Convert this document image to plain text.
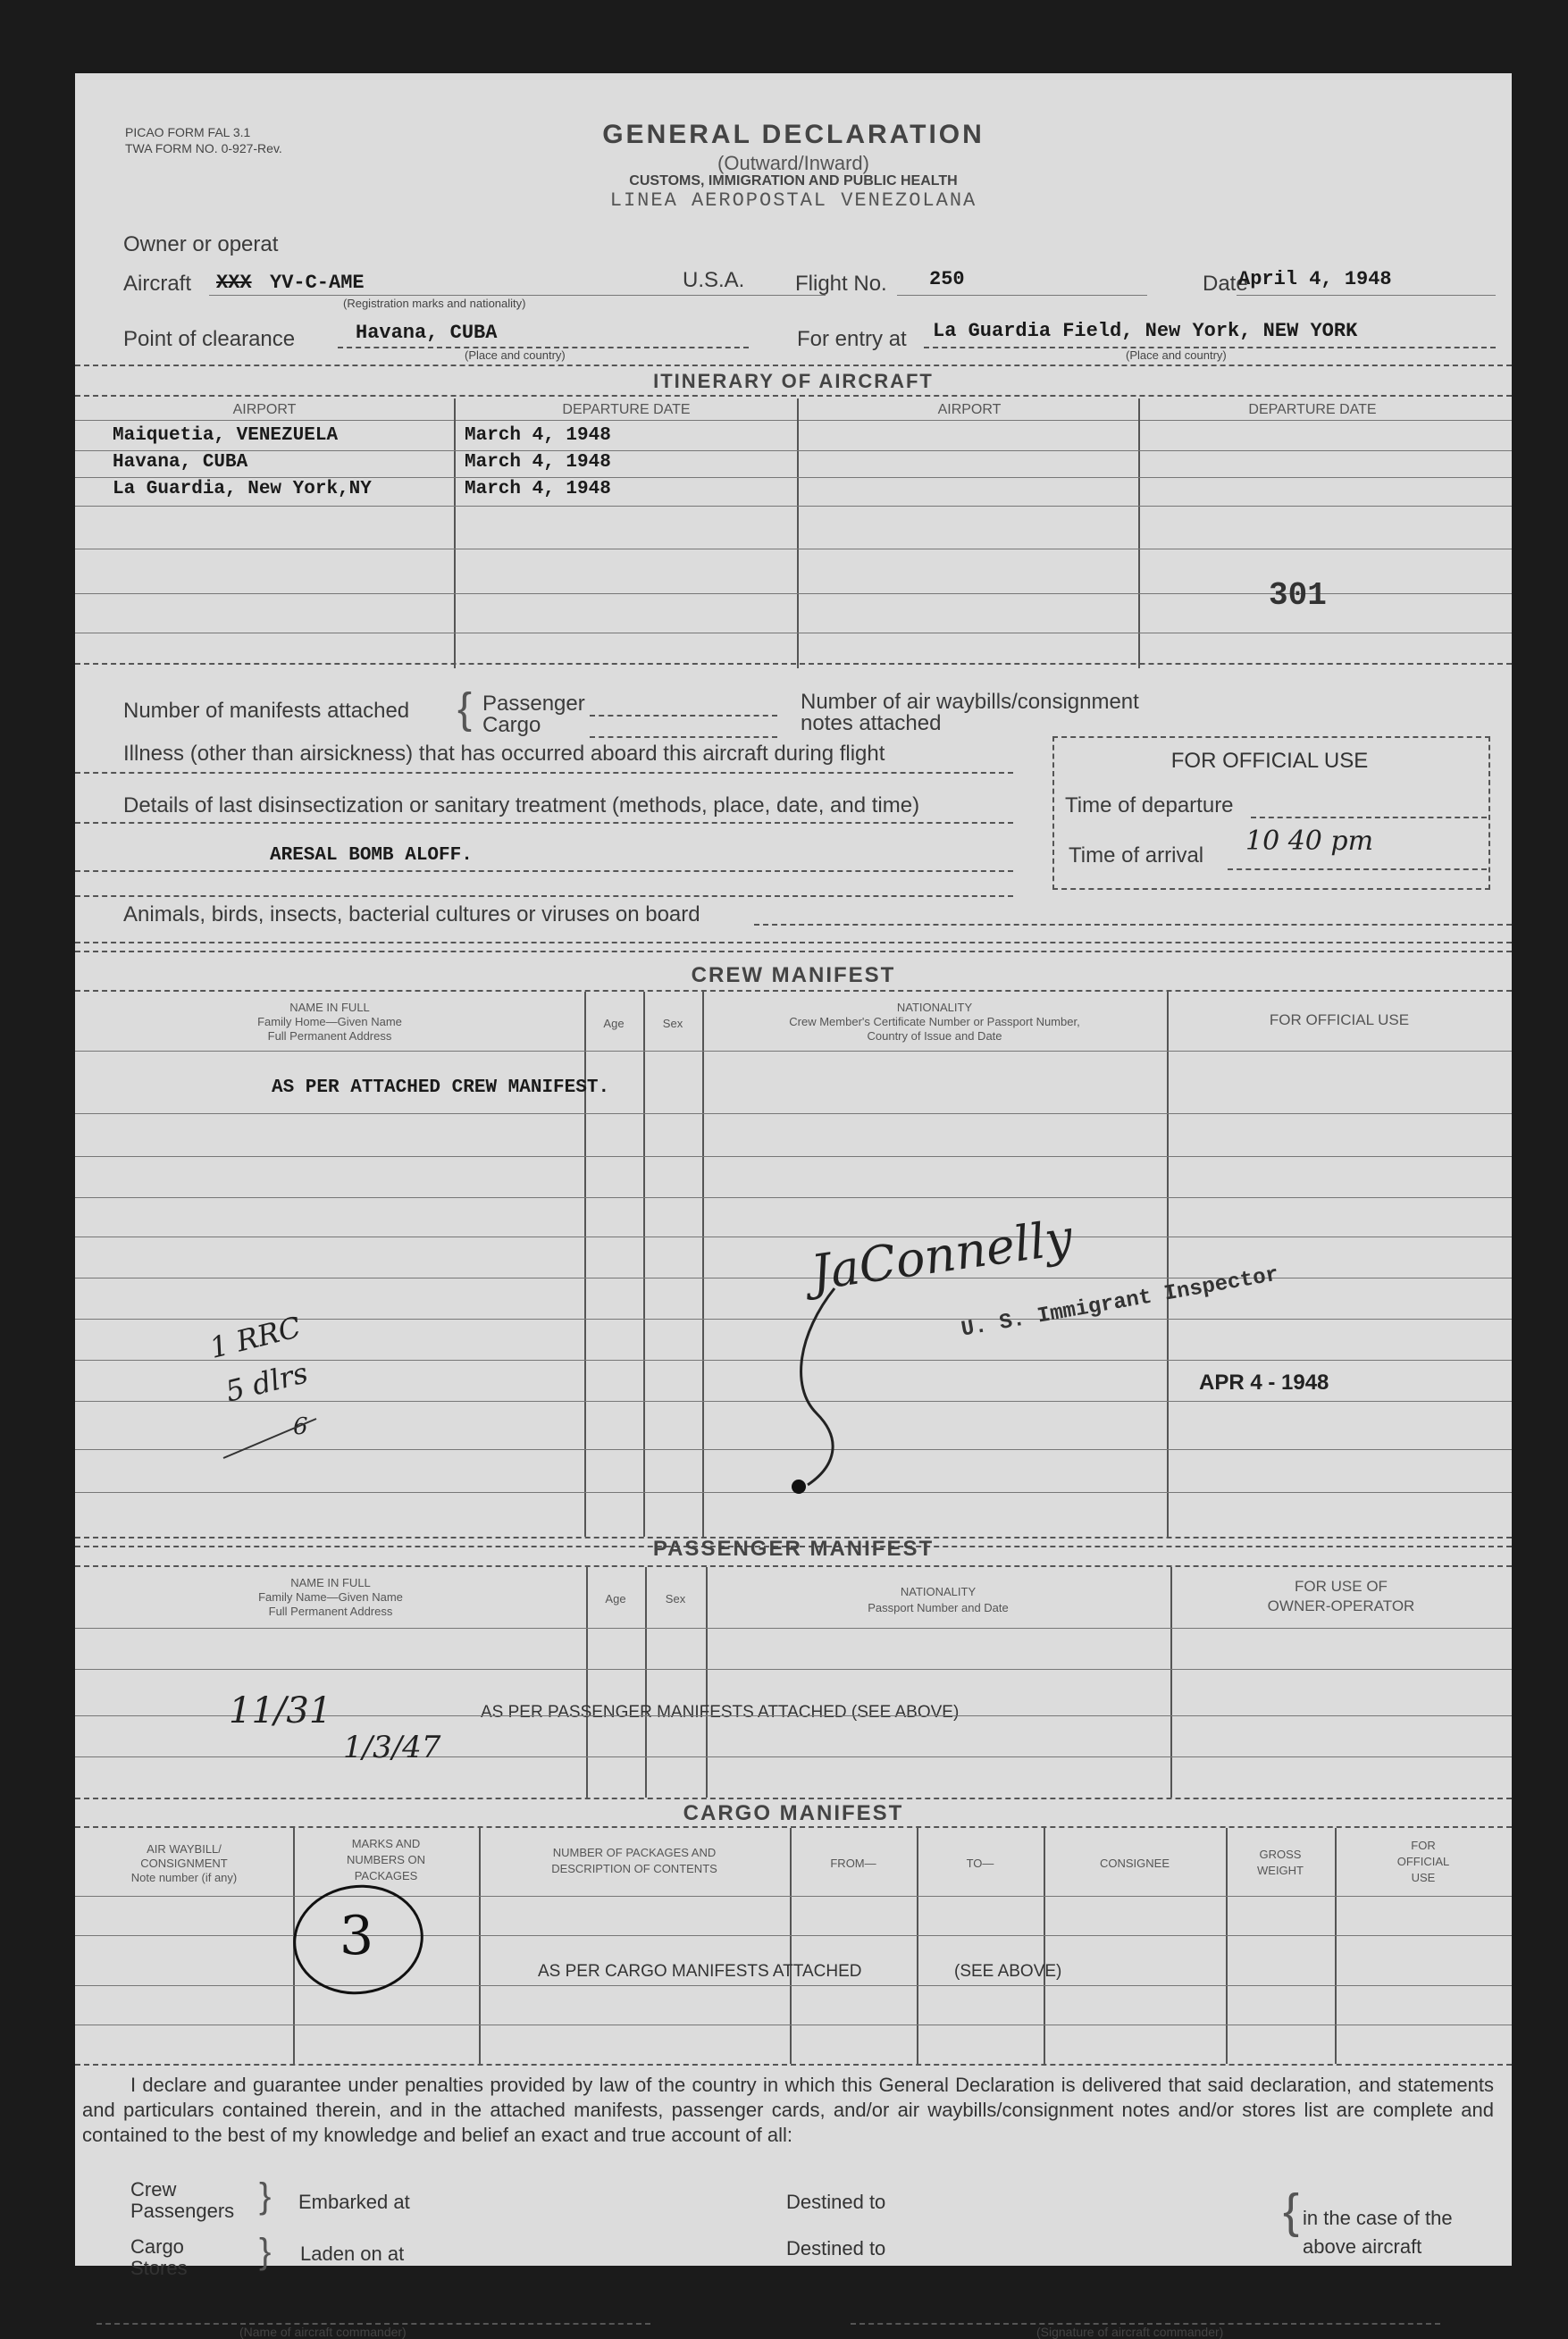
PICAO FORM FAL 3.1
TWA FORM NO. 0-927-Rev.	GENERAL DECLARATION
(Outward/Inward)
CUSTOMS, IMMIGRATION AND PUBLIC HEALTH
LINEA AEROPOSTAL VENEZOLANA
Owner or operat
Aircraft XXX YV-C-AME
(Registration marks and nationality)
U.S.A. Flight No. 250	Date
April 4, 1948
Point of clearance	Havana, CUBA
(Place and country)
For entry at La Guardia Field, New York, NEW YORK
(Place and country)
ITINERARY OF AIRCRAFT
AIRPORT	DEPARTURE DATE	AIRPORT	DEPARTURE DATE
Maiquetia, VENEZUELA	March 4, 1948
Havana, CUBA	March 4, 1948
La Guardia, New York,NY	March 4, 1948
301
Number of manifests attached { Passenger
Cargo
Number of air waybills/consignment
notes attached
Illness (other than airsickness) that has occurred aboard this aircraft during flight
Details of last disinsectization or sanitary treatment (methods, place, date, and time)
ARESAL BOMB ALOFF.
Animals, birds, insects, bacterial cultures or viruses on board
FOR OFFICIAL USE
Time of departure
Time of arrival 10 40 pm
CREW MANIFEST
NAME IN FULL
Family Home—Given Name
Full Permanent Address
Age	Sex
NATIONALITY
Crew Member's Certificate Number or Passport Number,
Country of Issue and Date
FOR OFFICIAL USE
AS PER ATTACHED CREW MANIFEST.
JaConnelly
U. S. Immigrant Inspector
APR 4 - 1948
1 RRC
5 dlrs
6
PASSENGER MANIFEST
NAME IN FULL
Family Name—Given Name
Full Permanent Address
Age	Sex
NATIONALITY
Passport Number and Date
FOR USE OF
OWNER-OPERATOR
AS PER PASSENGER MANIFESTS ATTACHED (SEE ABOVE)
11/31
1/3/47
CARGO MANIFEST
AIR WAYBILL/
CONSIGNMENT
Note number (if any)
MARKS AND
NUMBERS ON
PACKAGES
NUMBER OF PACKAGES AND
DESCRIPTION OF CONTENTS	FROM—	TO—	CONSIGNEE
GROSS
WEIGHT
FOR
OFFICIAL
USE
AS PER CARGO MANIFESTS ATTACHED	(SEE ABOVE)
3
I declare and guarantee under penalties provided by law of the country in which this General Declaration is delivered that said declaration, and statements and particulars contained therein, and in the attached manifests, passenger cards, and/or air waybills/consignment notes and/or stores list are complete and contained to the best of my knowledge and belief an exact and true account of all:
Crew
Passengers } Embarked at	Destined to
Cargo
Stores } Laden on at	Destined to
{ in the case of the
above aircraft
(Name of aircraft commander)	(Signature of aircraft commander)
